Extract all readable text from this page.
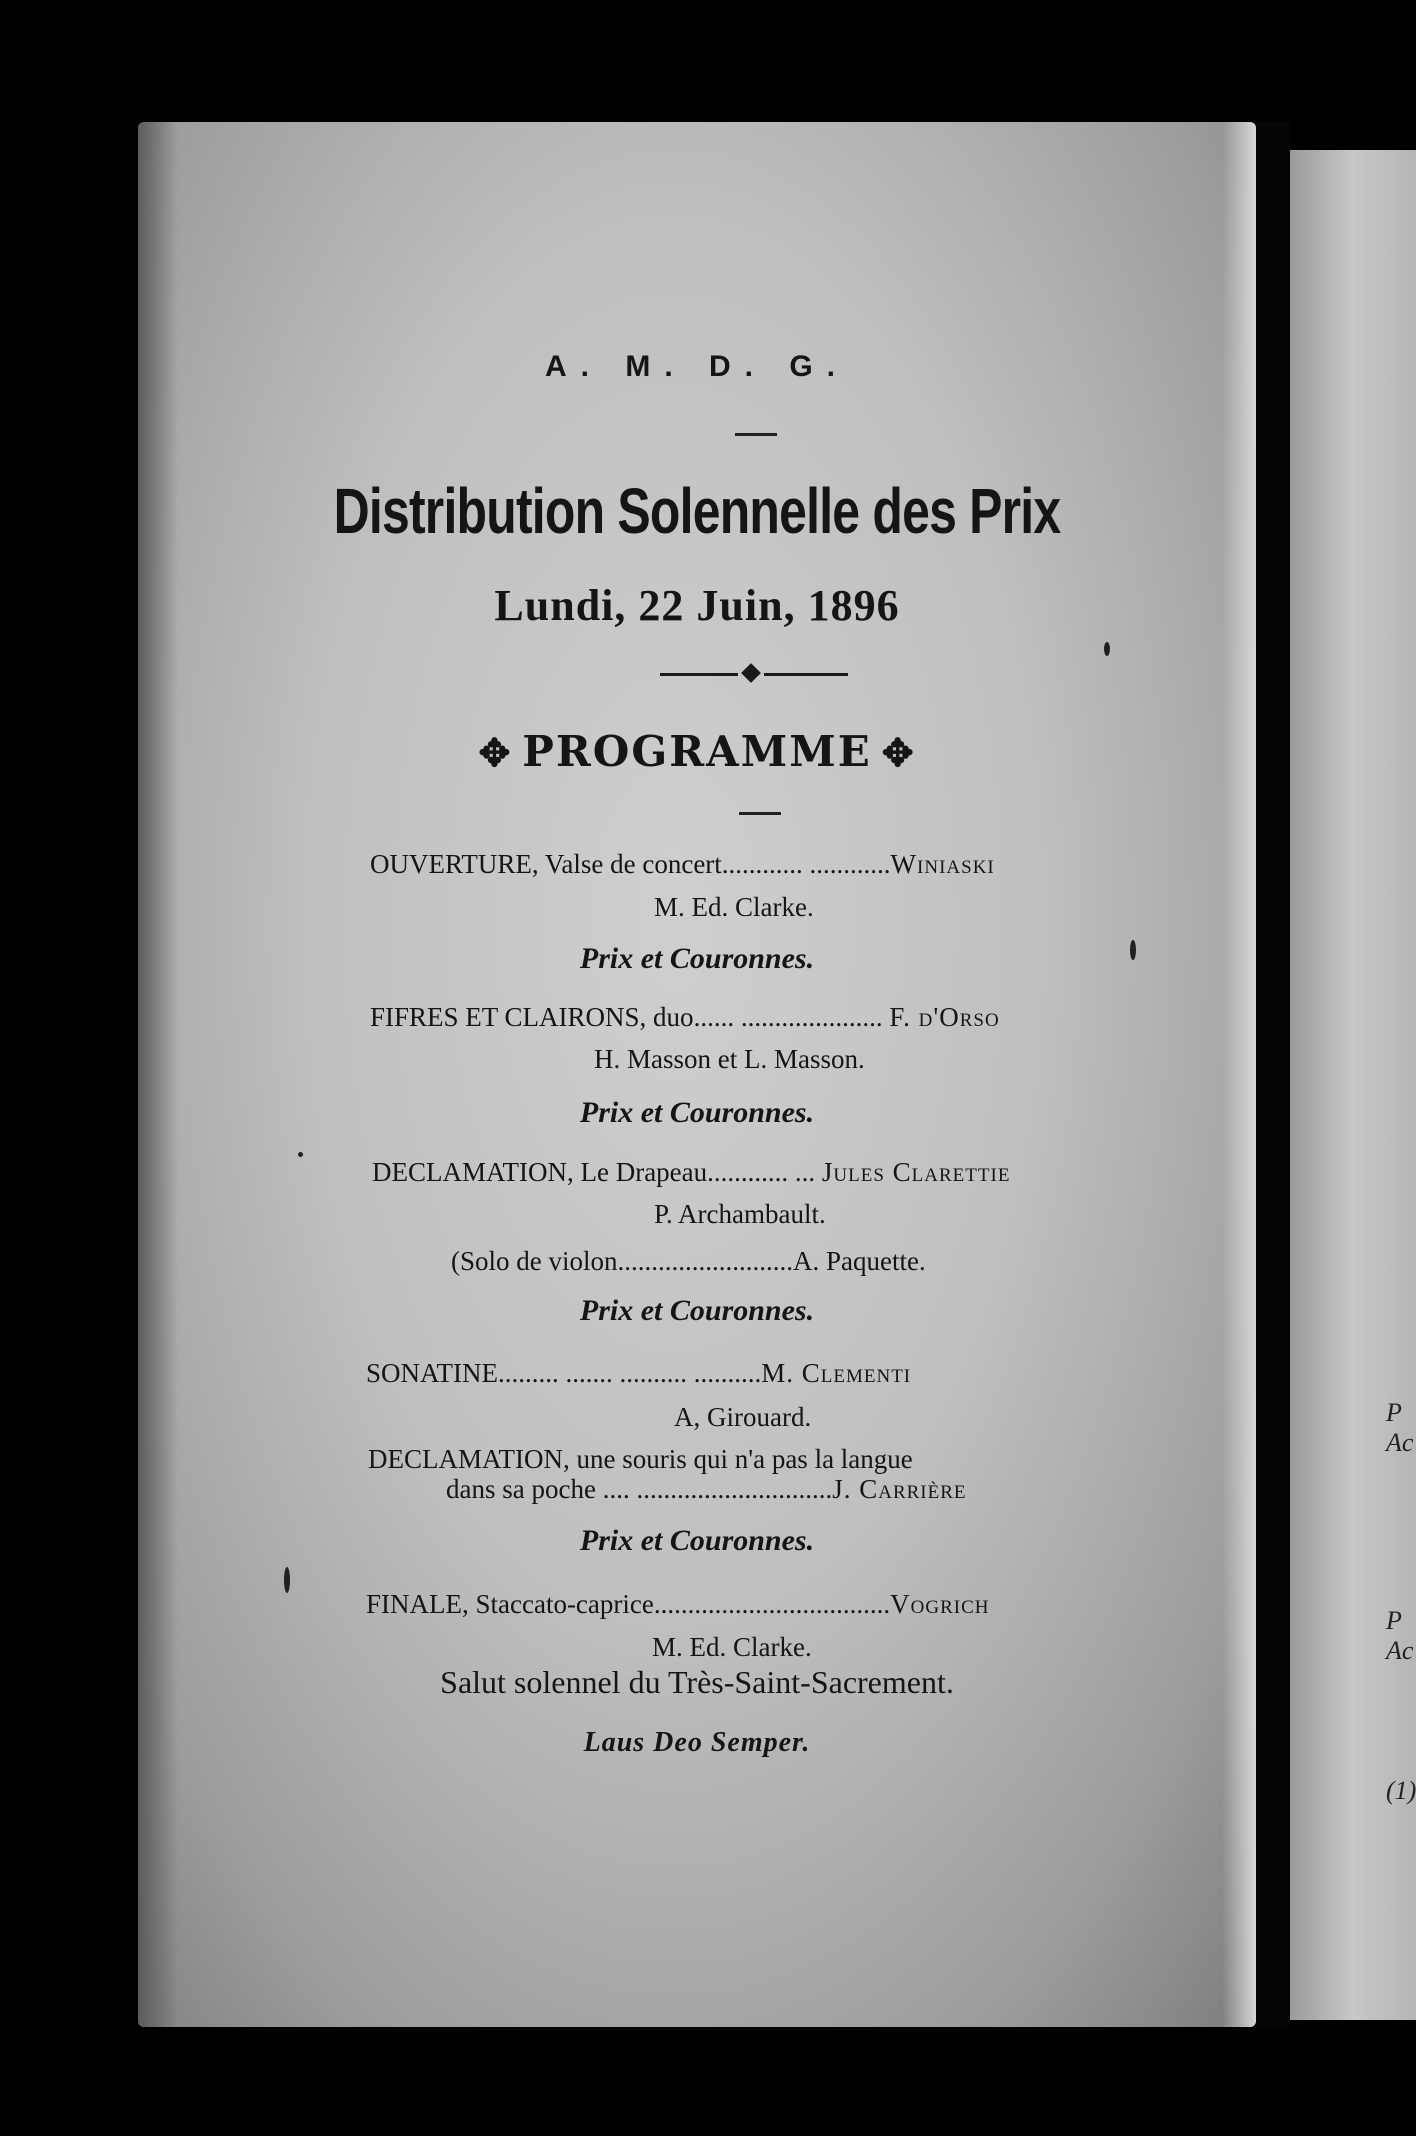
A. M. D. G.
Distribution Solennelle des Prix
Lundi, 22 Juin, 1896
✥ PROGRAMME ✥
OUVERTURE, Valse de concert............ ............Winiaski
M. Ed. Clarke.
Prix et Couronnes.
FIFRES ET CLAIRONS, duo...... ..................... F. d'Orso
H. Masson et L. Masson.
Prix et Couronnes.
DECLAMATION, Le Drapeau............ ... Jules Clarettie
P. Archambault.
(Solo de violon..........................A. Paquette.
Prix et Couronnes.
SONATINE......... ....... .......... ..........M. Clementi
A, Girouard.
DECLAMATION, une souris qui n'a pas la langue
dans sa poche .... .............................J. Carrière
Prix et Couronnes.
FINALE, Staccato-caprice...................................Vogrich
M. Ed. Clarke.
Salut solennel du Très-Saint-Sacrement.
Laus Deo Semper.
P
Ac
P
Ac
(1)
